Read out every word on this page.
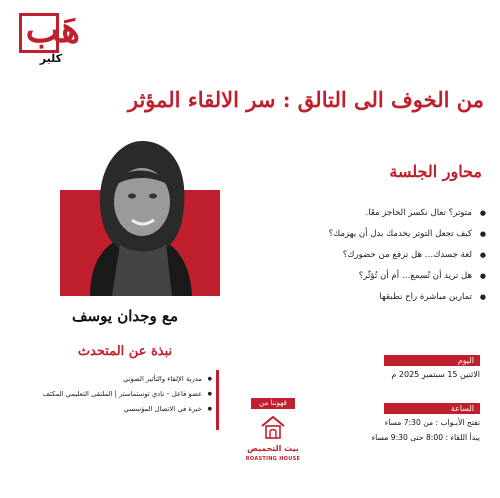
هَب
كلير
من الخوف الى التالق : سر الالقاء المؤثر
محاور الجلسة
● متوتر؟ تعال نكسر الحاجز معًا.
● كيف تجعل التوتر يخدمك بدل أن يهزمك؟
● لغة جسدك… هل ترفع من حضورك؟
● هل تريد أن تُسمع… أم أن تُؤثّر؟
● تمارين مباشرة راح نطبقها
مع وجدان يوسف
نبذة عن المتحدث
● مدربة الإلقاء والتأثير الصوتي
● عضو فاعل – نادي توستماستر | الملتقى التعليمي المكثف
● خبرة في الاتصال المؤسسي
اليوم
الاثنين 15 سبتمبر 2025 م
الساعة
تفتح الأبـواب : من 7:30 مساء
يبدأ اللقاء : 8:00 حتى 9:30 مساء
قهوتنا من
بيت التحميص
ROASTING HOUSE
